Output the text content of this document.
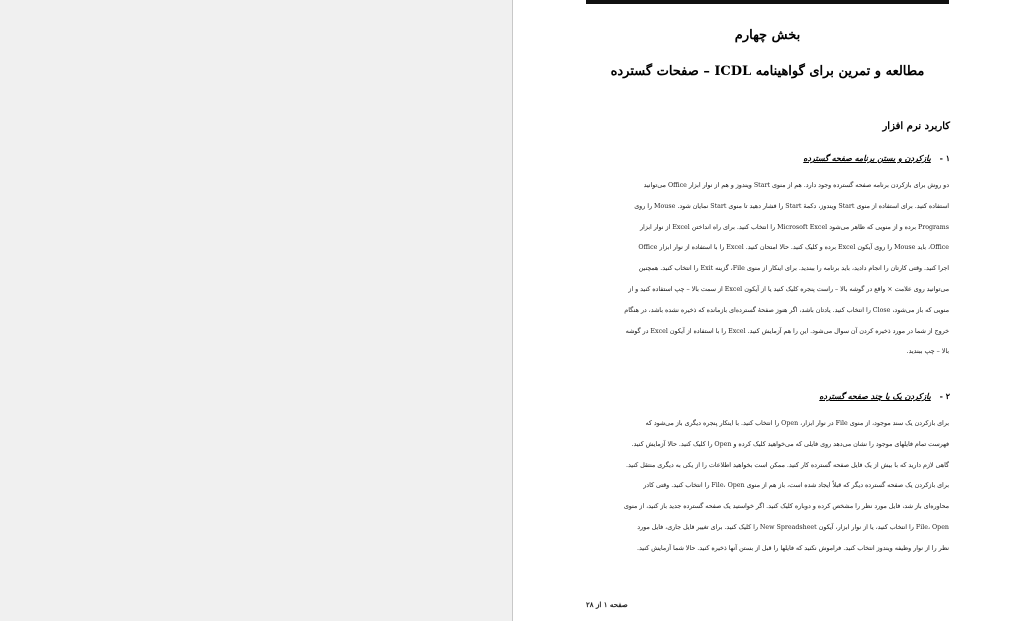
بخش چهارم
مطالعه و تمرین برای گواهینامه ICDL – صفحات گسترده
کاربرد نرم افزار
۱ - بازکردن و بستن برنامه صفحه گسترده
دو روش برای بازکردن برنامه صفحه گسترده وجود دارد. هم از منوی Start ویندوز و هم از نوار ابزار Office می‌توانید
استفاده کنید. برای استفاده از منوی Start ویندوز، دکمهٔ Start را فشار دهید تا منوی Start نمایان شود. Mouse را روی
Programs برده و از منویی که ظاهر می‌شود Microsoft Excel را انتخاب کنید. برای راه انداختن Excel از نوار ابزار
Office، باید Mouse را روی آیکون Excel برده و کلیک کنید. حالا امتحان کنید. Excel را با استفاده از نوار ابزار Office
اجرا کنید. وقتی کارتان را انجام دادید، باید برنامه را ببندید. برای اینکار از منوی File، گزینه Exit را انتخاب کنید. همچنین
می‌توانید روی علامت × واقع در گوشه بالا – راست پنجره کلیک کنید یا از آیکون Excel از سمت بالا – چپ استفاده کنید و از
منویی که باز می‌شود، Close را انتخاب کنید. یادتان باشد، اگر هنوز صفحهٔ گسترده‌ای بازمانده که ذخیره نشده باشد، در هنگام
خروج از شما در مورد ذخیره کردن آن سوال می‌شود. این را هم آزمایش کنید. Excel را با استفاده از آیکون Excel در گوشه
بالا – چپ ببندید.
۲ - بازکردن یک یا چند صفحه گسترده
برای بازکردن یک سند موجود، از منوی File در نوار ابزار، Open را انتخاب کنید. با اینکار پنجره دیگری باز می‌شود که
فهرست تمام فایلهای موجود را نشان می‌دهد روی فایلی که می‌خواهید کلیک کرده و Open را کلیک کنید. حالا آزمایش کنید.
گاهی لازم دارید که با بیش از یک فایل صفحه گسترده کار کنید. ممکن است بخواهید اطلاعات را از یکی به دیگری منتقل کنید.
برای بازکردن یک صفحه گسترده دیگر که قبلاً ایجاد شده است، باز هم از منوی File، Open را انتخاب کنید. وقتی کادر
محاوره‌ای باز شد، فایل مورد نظر را مشخص کرده و دوباره کلیک کنید. اگر خواستید یک صفحه گسترده جدید باز کنید، از منوی
File، Open را انتخاب کنید، یا از نوار ابزار، آیکون New Spreadsheet را کلیک کنید. برای تغییر فایل جاری، فایل مورد
نظر را از نوار وظیفه ویندوز انتخاب کنید. فراموش نکنید که فایلها را قبل از بستن آنها ذخیره کنید. حالا شما آزمایش کنید.
صفحه ۱ از ۲۸
